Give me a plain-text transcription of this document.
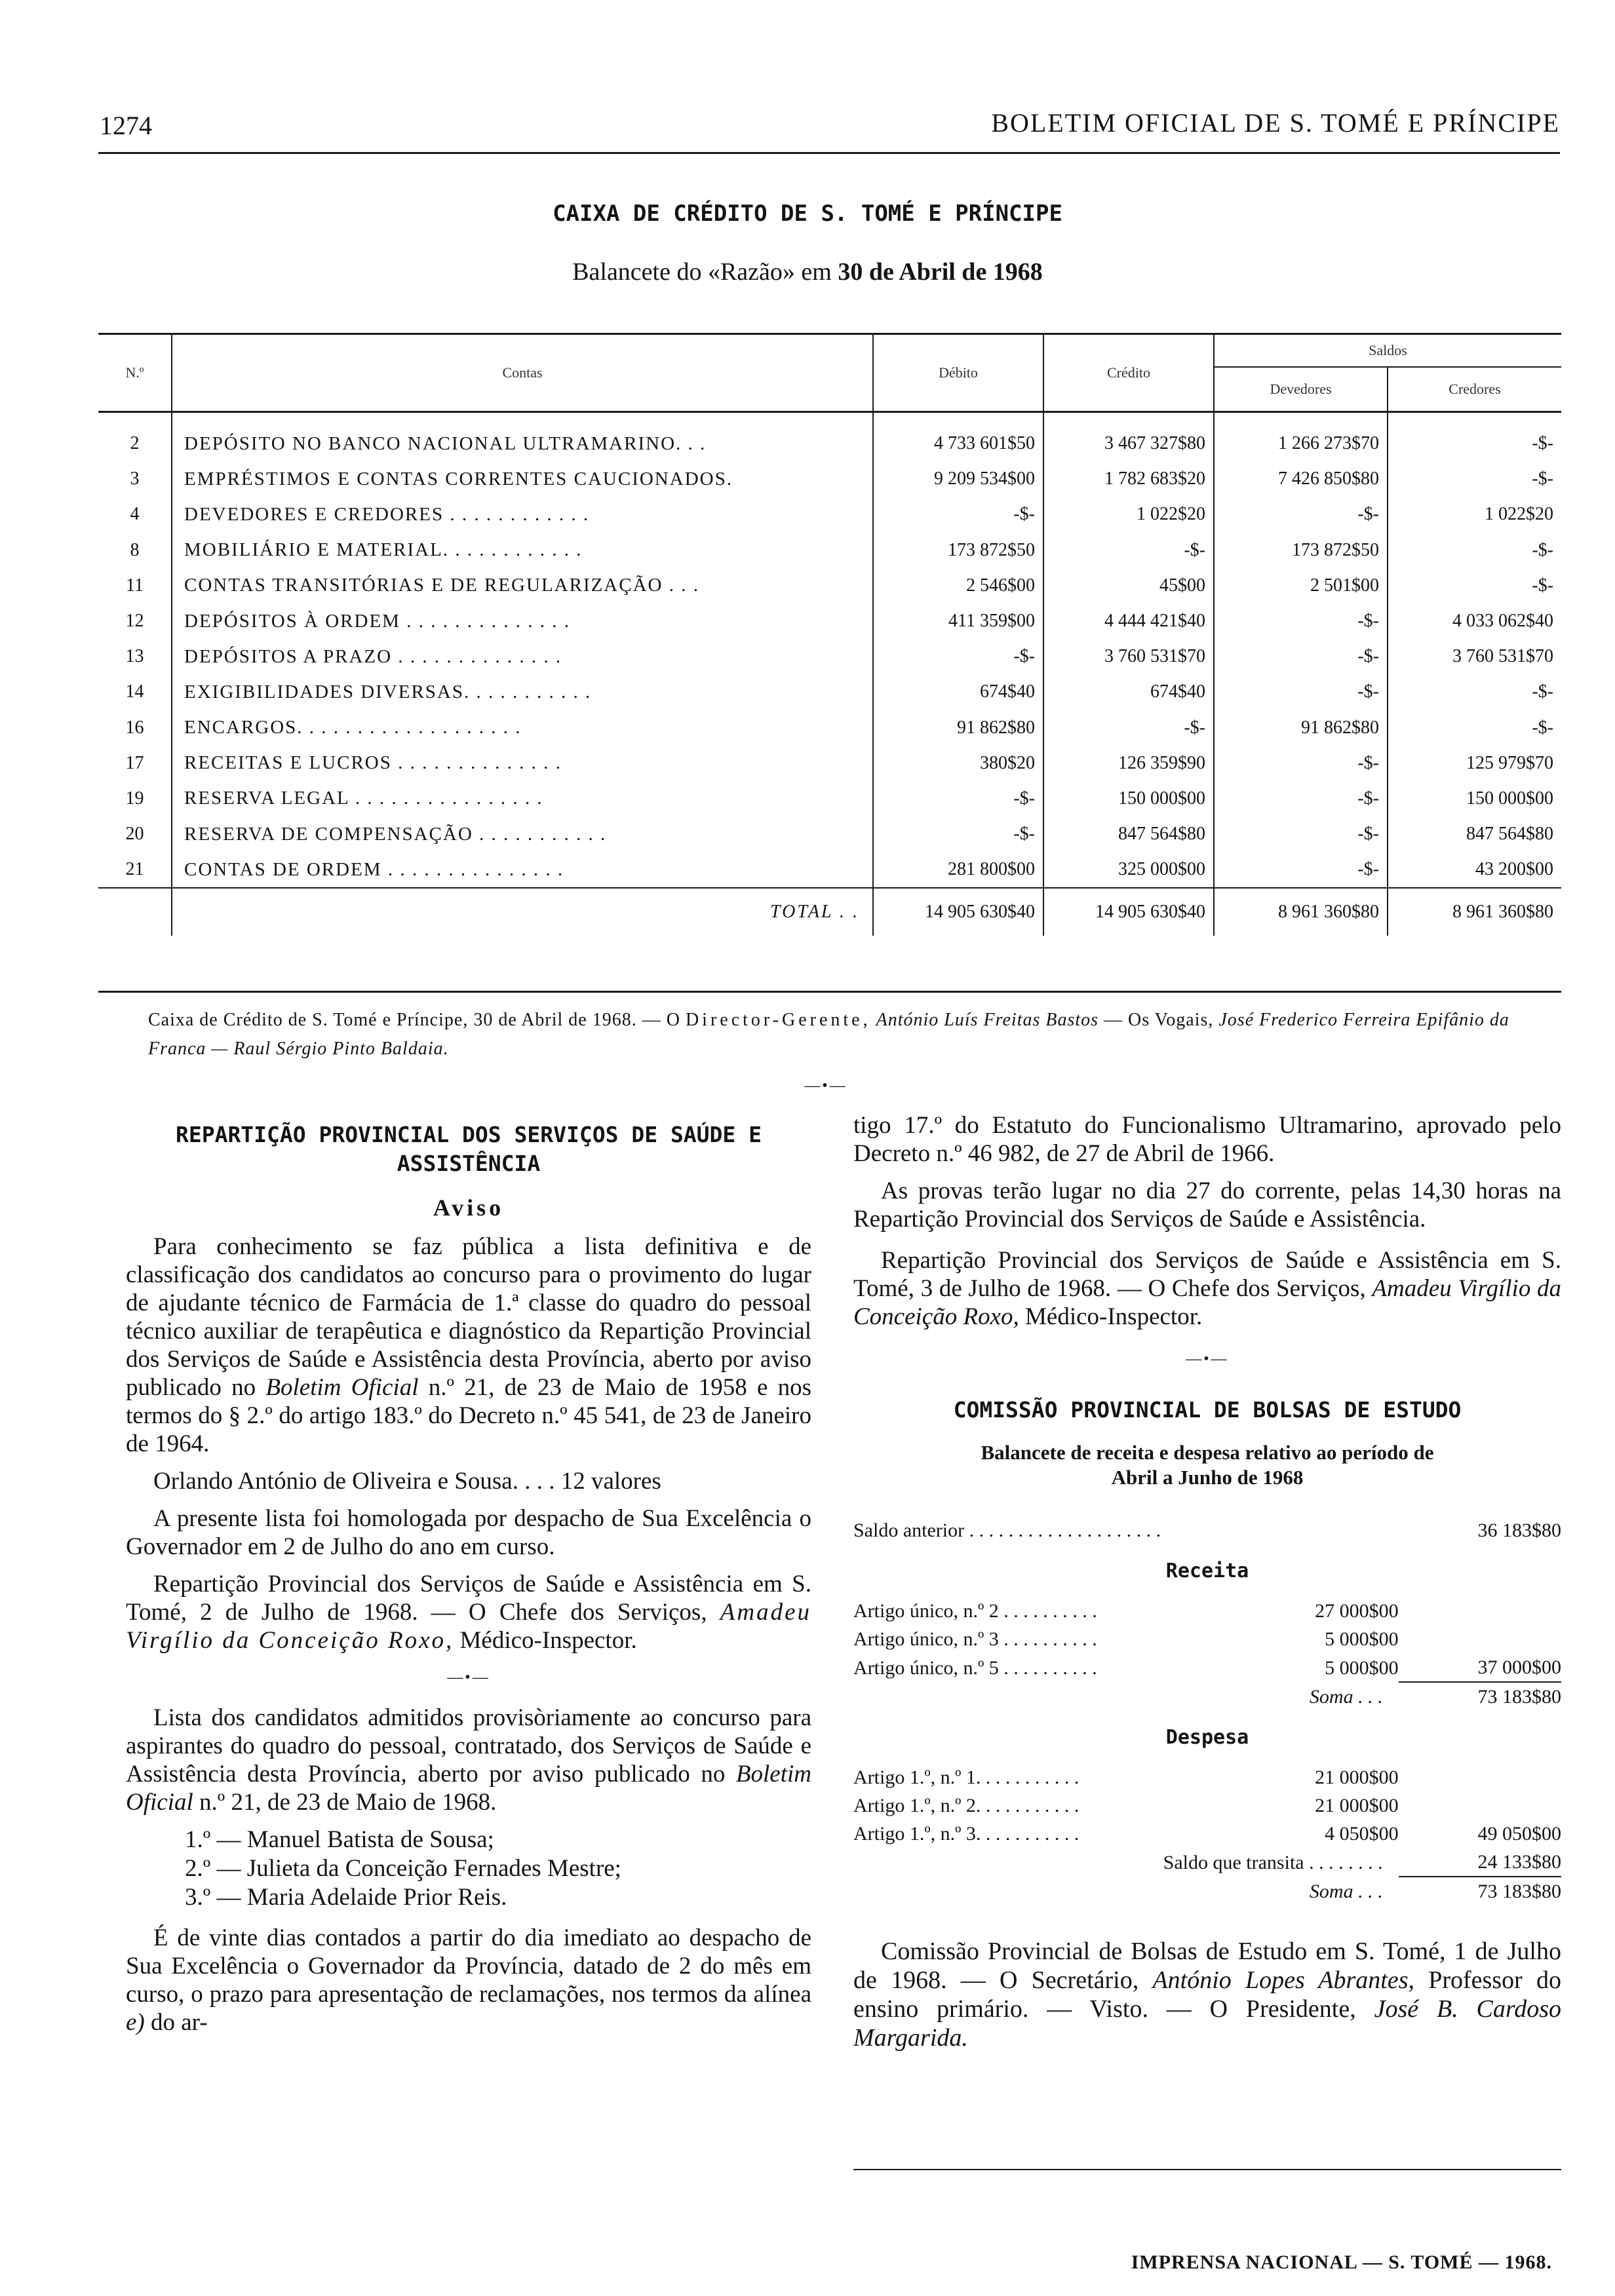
1274	BOLETIM OFICIAL DE S. TOMÉ E PRÍNCIPE
CAIXA DE CRÉDITO DE S. TOMÉ E PRÍNCIPE
Balancete do «Razão» em 30 de Abril de 1968
N.º	Contas	Débito	Crédito	Saldos	
				Devedores	Credores
2	DEPÓSITO NO BANCO NACIONAL ULTRAMARINO. . .	4 733 601$50	3 467 327$80	1 266 273$70	-$-
3	EMPRÉSTIMOS E CONTAS CORRENTES CAUCIONADOS.	9 209 534$00	1 782 683$20	7 426 850$80	-$-
4	DEVEDORES E CREDORES . . . . . . . . . . . .	-$-	1 022$20	-$-	1 022$20
8	MOBILIÁRIO E MATERIAL. . . . . . . . . . . .	173 872$50	-$-	173 872$50	-$-
11	CONTAS TRANSITÓRIAS E DE REGULARIZAÇÃO . . .	2 546$00	45$00	2 501$00	-$-
12	DEPÓSITOS À ORDEM . . . . . . . . . . . . . .	411 359$00	4 444 421$40	-$-	4 033 062$40
13	DEPÓSITOS A PRAZO . . . . . . . . . . . . . .	-$-	3 760 531$70	-$-	3 760 531$70
14	EXIGIBILIDADES DIVERSAS. . . . . . . . . . .	674$40	674$40	-$-	-$-
16	ENCARGOS. . . . . . . . . . . . . . . . . . .	91 862$80	-$-	91 862$80	-$-
17	RECEITAS E LUCROS . . . . . . . . . . . . . .	380$20	126 359$90	-$-	125 979$70
19	RESERVA LEGAL . . . . . . . . . . . . . . . .	-$-	150 000$00	-$-	150 000$00
20	RESERVA DE COMPENSAÇÃO . . . . . . . . . . .	-$-	847 564$80	-$-	847 564$80
21	CONTAS DE ORDEM . . . . . . . . . . . . . . .	281 800$00	325 000$00	-$-	43 200$00
	TOTAL . .	14 905 630$40	14 905 630$40	8 961 360$80	8 961 360$80
Caixa de Crédito de S. Tomé e Príncipe, 30 de Abril de 1968. — O Director-Gerente, António Luís Freitas Bastos — Os Vogais, José Frederico Ferreira Epifânio da Franca — Raul Sérgio Pinto Baldaia.
—•—
REPARTIÇÃO PROVINCIAL DOS SERVIÇOS DE SAÚDE E ASSISTÊNCIA
Aviso

Para conhecimento se faz pública a lista definitiva e de classificação dos candidatos ao concurso para o provimento do lugar de ajudante técnico de Farmácia de 1.ª classe do quadro do pessoal técnico auxiliar de terapêutica e diagnóstico da Repartição Provincial dos Serviços de Saúde e Assistência desta Província, aberto por aviso publicado no Boletim Oficial n.º 21, de 23 de Maio de 1958 e nos termos do § 2.º do artigo 183.º do Decreto n.º 45 541, de 23 de Janeiro de 1964.

Orlando António de Oliveira e Sousa. . . . 12 valores

A presente lista foi homologada por despacho de Sua Excelência o Governador em 2 de Julho do ano em curso.

Repartição Provincial dos Serviços de Saúde e Assistência em S. Tomé, 2 de Julho de 1968. — O Chefe dos Serviços, Amadeu Virgílio da Conceição Roxo, Médico-Inspector.

—•—

Lista dos candidatos admitidos provisòriamente ao concurso para aspirantes do quadro do pessoal, contratado, dos Serviços de Saúde e Assistência desta Província, aberto por aviso publicado no Boletim Oficial n.º 21, de 23 de Maio de 1968.

1.º — Manuel Batista de Sousa;
2.º — Julieta da Conceição Fernades Mestre;
3.º — Maria Adelaide Prior Reis.

É de vinte dias contados a partir do dia imediato ao despacho de Sua Excelência o Governador da Província, datado de 2 do mês em curso, o prazo para apresentação de reclamações, nos termos da alínea e) do ar-

tigo 17.º do Estatuto do Funcionalismo Ultramarino, aprovado pelo Decreto n.º 46 982, de 27 de Abril de 1966.

As provas terão lugar no dia 27 do corrente, pelas 14,30 horas na Repartição Provincial dos Serviços de Saúde e Assistência.

Repartição Provincial dos Serviços de Saúde e Assistência em S. Tomé, 3 de Julho de 1968. — O Chefe dos Serviços, Amadeu Virgílio da Conceição Roxo, Médico-Inspector.

—•—
COMISSÃO PROVINCIAL DE BOLSAS DE ESTUDO
Balancete de receita e despesa relativo ao período de Abril a Junho de 1968
Saldo anterior . . . . . . . . . . . . . . . . . . . .		36 183$80
Receita		
Artigo único, n.º 2 . . . . . . . . . .	27 000$00	
Artigo único, n.º 3 . . . . . . . . . .	5 000$00	
Artigo único, n.º 5 . . . . . . . . . .	5 000$00	37 000$00
Soma . . .		73 183$80
Despesa		
Artigo 1.º, n.º 1. . . . . . . . . . .	21 000$00	
Artigo 1.º, n.º 2. . . . . . . . . . .	21 000$00	
Artigo 1.º, n.º 3. . . . . . . . . . .	4 050$00	49 050$00
Saldo que transita . . . . . . . .		24 133$80
Soma . . .		73 183$80

Comissão Provincial de Bolsas de Estudo em S. Tomé, 1 de Julho de 1968. — O Secretário, António Lopes Abrantes, Professor do ensino primário. — Visto. — O Presidente, José B. Cardoso Margarida.

IMPRENSA NACIONAL — S. TOMÉ — 1968.
